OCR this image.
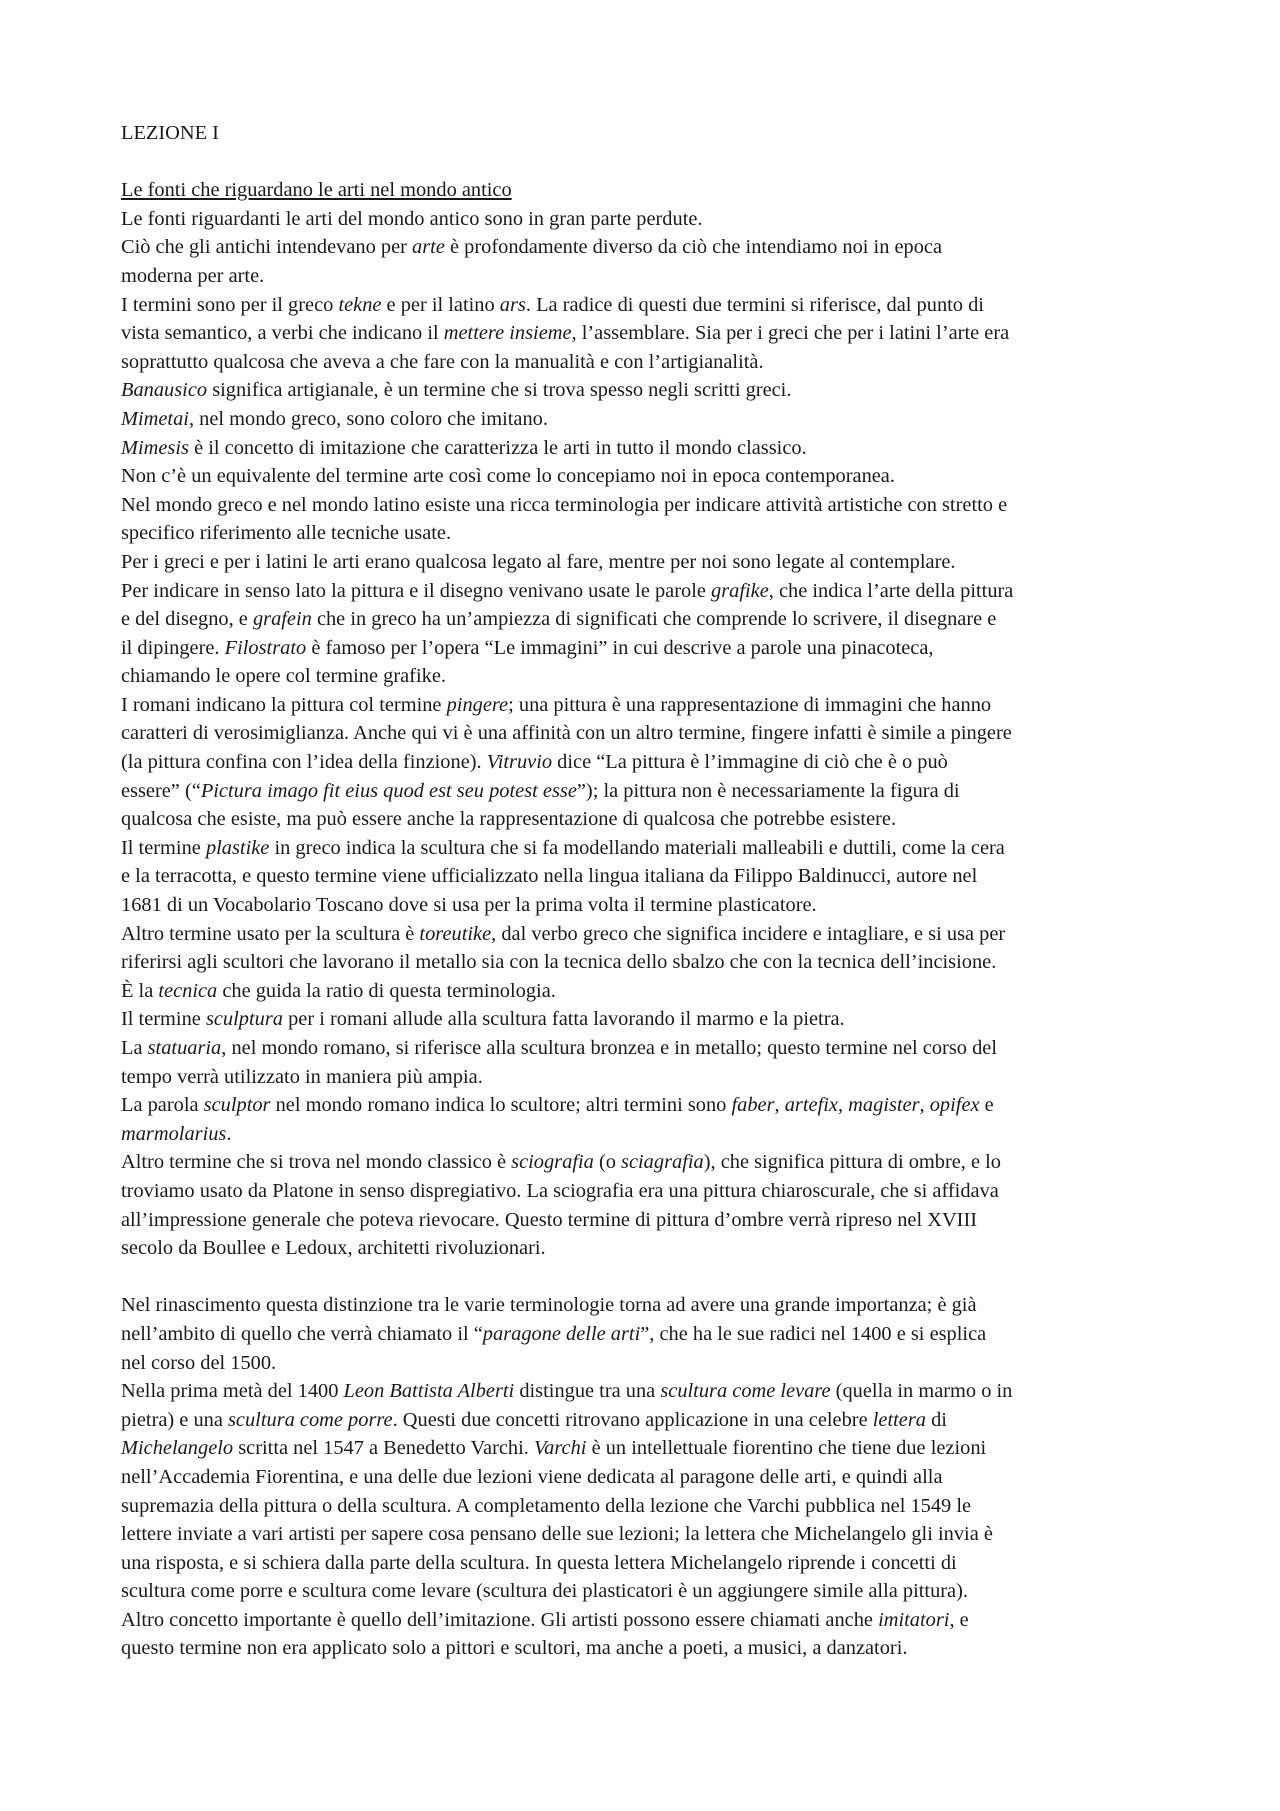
LEZIONE I
Le fonti che riguardano le arti nel mondo antico
Le fonti riguardanti le arti del mondo antico sono in gran parte perdute.
Ciò che gli antichi intendevano per arte è profondamente diverso da ciò che intendiamo noi in epoca
moderna per arte.
I termini sono per il greco tekne e per il latino ars. La radice di questi due termini si riferisce, dal punto di
vista semantico, a verbi che indicano il mettere insieme, l’assemblare. Sia per i greci che per i latini l’arte era
soprattutto qualcosa che aveva a che fare con la manualità e con l’artigianalità.
Banausico significa artigianale, è un termine che si trova spesso negli scritti greci.
Mimetai, nel mondo greco, sono coloro che imitano.
Mimesis è il concetto di imitazione che caratterizza le arti in tutto il mondo classico.
Non c’è un equivalente del termine arte così come lo concepiamo noi in epoca contemporanea.
Nel mondo greco e nel mondo latino esiste una ricca terminologia per indicare attività artistiche con stretto e
specifico riferimento alle tecniche usate.
Per i greci e per i latini le arti erano qualcosa legato al fare, mentre per noi sono legate al contemplare.
Per indicare in senso lato la pittura e il disegno venivano usate le parole grafike, che indica l’arte della pittura
e del disegno, e grafein che in greco ha un’ampiezza di significati che comprende lo scrivere, il disegnare e
il dipingere. Filostrato è famoso per l’opera “Le immagini” in cui descrive a parole una pinacoteca,
chiamando le opere col termine grafike.
I romani indicano la pittura col termine pingere; una pittura è una rappresentazione di immagini che hanno
caratteri di verosimiglianza. Anche qui vi è una affinità con un altro termine, fingere infatti è simile a pingere
(la pittura confina con l’idea della finzione). Vitruvio dice “La pittura è l’immagine di ciò che è o può
essere” (“Pictura imago fit eius quod est seu potest esse”); la pittura non è necessariamente la figura di
qualcosa che esiste, ma può essere anche la rappresentazione di qualcosa che potrebbe esistere.
Il termine plastike in greco indica la scultura che si fa modellando materiali malleabili e duttili, come la cera
e la terracotta, e questo termine viene ufficializzato nella lingua italiana da Filippo Baldinucci, autore nel
1681 di un Vocabolario Toscano dove si usa per la prima volta il termine plasticatore.
Altro termine usato per la scultura è toreutike, dal verbo greco che significa incidere e intagliare, e si usa per
riferirsi agli scultori che lavorano il metallo sia con la tecnica dello sbalzo che con la tecnica dell’incisione.
È la tecnica che guida la ratio di questa terminologia.
Il termine sculptura per i romani allude alla scultura fatta lavorando il marmo e la pietra.
La statuaria, nel mondo romano, si riferisce alla scultura bronzea e in metallo; questo termine nel corso del
tempo verrà utilizzato in maniera più ampia.
La parola sculptor nel mondo romano indica lo scultore; altri termini sono faber, artefix, magister, opifex e
marmolarius.
Altro termine che si trova nel mondo classico è sciografia (o sciagrafia), che significa pittura di ombre, e lo
troviamo usato da Platone in senso dispregiativo. La sciografia era una pittura chiaroscurale, che si affidava
all’impressione generale che poteva rievocare. Questo termine di pittura d’ombre verrà ripreso nel XVIII
secolo da Boullee e Ledoux, architetti rivoluzionari.
Nel rinascimento questa distinzione tra le varie terminologie torna ad avere una grande importanza; è già
nell’ambito di quello che verrà chiamato il “paragone delle arti”, che ha le sue radici nel 1400 e si esplica
nel corso del 1500.
Nella prima metà del 1400 Leon Battista Alberti distingue tra una scultura come levare (quella in marmo o in
pietra) e una scultura come porre. Questi due concetti ritrovano applicazione in una celebre lettera di
Michelangelo scritta nel 1547 a Benedetto Varchi. Varchi è un intellettuale fiorentino che tiene due lezioni
nell’Accademia Fiorentina, e una delle due lezioni viene dedicata al paragone delle arti, e quindi alla
supremazia della pittura o della scultura. A completamento della lezione che Varchi pubblica nel 1549 le
lettere inviate a vari artisti per sapere cosa pensano delle sue lezioni; la lettera che Michelangelo gli invia è
una risposta, e si schiera dalla parte della scultura. In questa lettera Michelangelo riprende i concetti di
scultura come porre e scultura come levare (scultura dei plasticatori è un aggiungere simile alla pittura).
Altro concetto importante è quello dell’imitazione. Gli artisti possono essere chiamati anche imitatori, e
questo termine non era applicato solo a pittori e scultori, ma anche a poeti, a musici, a danzatori.
